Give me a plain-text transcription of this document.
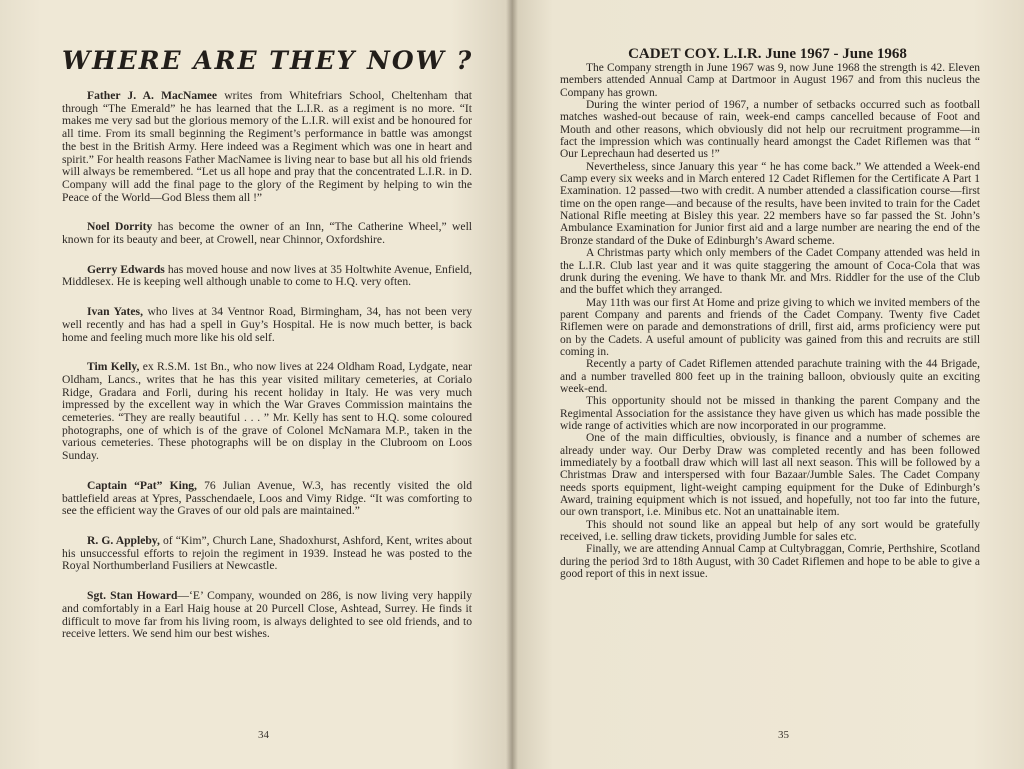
WHERE ARE THEY NOW ?

Father J. A. MacNamee writes from Whitefriars School, Cheltenham that through “The Emerald” he has learned that the L.I.R. as a regiment is no more. “It makes me very sad but the glorious memory of the L.I.R. will exist and be honoured for all time. From its small beginning the Regiment’s performance in battle was amongst the best in the British Army. Here indeed was a Regiment which was one in heart and spirit.” For health reasons Father MacNamee is living near to base but all his old friends will always be remembered. “Let us all hope and pray that the concentrated L.I.R. in D. Company will add the final page to the glory of the Regiment by helping to win the Peace of the World—God Bless them all !”

Noel Dorrity has become the owner of an Inn, “The Catherine Wheel,” well known for its beauty and beer, at Crowell, near Chinnor, Oxfordshire.

Gerry Edwards has moved house and now lives at 35 Holtwhite Avenue, Enfield, Middlesex. He is keeping well although unable to come to H.Q. very often.

Ivan Yates, who lives at 34 Ventnor Road, Birmingham, 34, has not been very well recently and has had a spell in Guy’s Hospital. He is now much better, is back home and feeling much more like his old self.

Tim Kelly, ex R.S.M. 1st Bn., who now lives at 224 Oldham Road, Lydgate, near Oldham, Lancs., writes that he has this year visited military cemeteries, at Corialo Ridge, Gradara and Forli, during his recent holiday in Italy. He was very much impressed by the excellent way in which the War Graves Commission maintains the cemeteries. “They are really beautiful . . . ” Mr. Kelly has sent to H.Q. some coloured photographs, one of which is of the grave of Colonel McNamara M.P., taken in the various cemeteries. These photographs will be on display in the Clubroom on Loos Sunday.

Captain “Pat” King, 76 Julian Avenue, W.3, has recently visited the old battlefield areas at Ypres, Passchendaele, Loos and Vimy Ridge. “It was comforting to see the efficient way the Graves of our old pals are maintained.”

R. G. Appleby, of “Kim”, Church Lane, Shadoxhurst, Ashford, Kent, writes about his unsuccessful efforts to rejoin the regiment in 1939. Instead he was posted to the Royal Northumberland Fusiliers at Newcastle.

Sgt. Stan Howard—‘E’ Company, wounded on 286, is now living very happily and comfortably in a Earl Haig house at 20 Purcell Close, Ashtead, Surrey. He finds it difficult to move far from his living room, is always delighted to see old friends, and to receive letters. We send him our best wishes.

34
CADET COY. L.I.R. June 1967 - June 1968

The Company strength in June 1967 was 9, now June 1968 the strength is 42. Eleven members attended Annual Camp at Dartmoor in August 1967 and from this nucleus the Company has grown.

During the winter period of 1967, a number of setbacks occurred such as football matches washed-out because of rain, week-end camps cancelled because of Foot and Mouth and other reasons, which obviously did not help our recruitment programme—in fact the impression which was continually heard amongst the Cadet Riflemen was that “ Our Leprechaun had deserted us !”

Nevertheless, since January this year “ he has come back.” We attended a Week-end Camp every six weeks and in March entered 12 Cadet Riflemen for the Certificate A Part 1 Examination. 12 passed—two with credit. A number attended a classification course—first time on the open range—and because of the results, have been invited to train for the Cadet National Rifle meeting at Bisley this year. 22 members have so far passed the St. John’s Ambulance Examination for Junior first aid and a large number are nearing the end of the Bronze standard of the Duke of Edinburgh’s Award scheme.

A Christmas party which only members of the Cadet Company attended was held in the L.I.R. Club last year and it was quite staggering the amount of Coca-Cola that was drunk during the evening. We have to thank Mr. and Mrs. Riddler for the use of the Club and the buffet which they arranged.

May 11th was our first At Home and prize giving to which we invited members of the parent Company and parents and friends of the Cadet Company. Twenty five Cadet Riflemen were on parade and demonstrations of drill, first aid, arms proficiency were put on by the Cadets. A useful amount of publicity was gained from this and recruits are still coming in.

Recently a party of Cadet Riflemen attended parachute training with the 44 Brigade, and a number travelled 800 feet up in the training balloon, obviously quite an exciting week-end.

This opportunity should not be missed in thanking the parent Company and the Regimental Association for the assistance they have given us which has made possible the wide range of activities which are now incorporated in our programme.

One of the main difficulties, obviously, is finance and a number of schemes are already under way. Our Derby Draw was completed recently and has been followed immediately by a football draw which will last all next season. This will be followed by a Christmas Draw and interspersed with four Bazaar/Jumble Sales. The Cadet Company needs sports equipment, light-weight camping equipment for the Duke of Edinburgh’s Award, training equipment which is not issued, and hopefully, not too far into the future, our own transport, i.e. Minibus etc. Not an unattainable item.

This should not sound like an appeal but help of any sort would be gratefully received, i.e. selling draw tickets, providing Jumble for sales etc.

Finally, we are attending Annual Camp at Cultybraggan, Comrie, Perthshire, Scotland during the period 3rd to 18th August, with 30 Cadet Riflemen and hope to be able to give a good report of this in next issue.

35
